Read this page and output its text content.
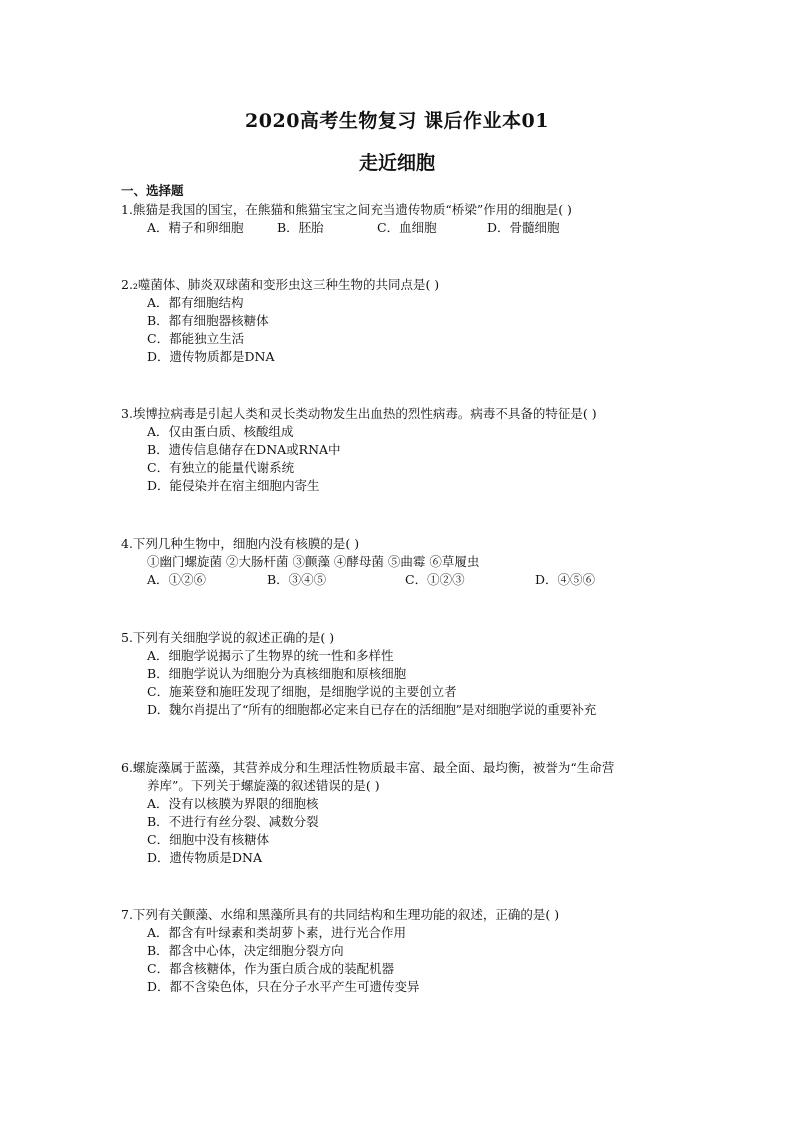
2020高考生物复习 课后作业本01
走近细胞
一、选择题
1.熊猫是我国的国宝，在熊猫和熊猫宝宝之间充当遗传物质“桥梁”作用的细胞是( )
A．精子和卵细胞	B．胚胎	C．血细胞	D．骨髓细胞
2.₂噬菌体、肺炎双球菌和变形虫这三种生物的共同点是( )
A．都有细胞结构
B．都有细胞器核糖体
C．都能独立生活
D．遗传物质都是DNA
3.埃博拉病毒是引起人类和灵长类动物发生出血热的烈性病毒。病毒不具备的特征是( )
A．仅由蛋白质、核酸组成
B．遗传信息储存在DNA或RNA中
C．有独立的能量代谢系统
D．能侵染并在宿主细胞内寄生
4.下列几种生物中，细胞内没有核膜的是( )
①幽门螺旋菌 ②大肠杆菌 ③颤藻 ④酵母菌 ⑤曲霉 ⑥草履虫
A．①②⑥	B．③④⑤	C．①②③	D．④⑤⑥
5.下列有关细胞学说的叙述正确的是( )
A．细胞学说揭示了生物界的统一性和多样性
B．细胞学说认为细胞分为真核细胞和原核细胞
C．施莱登和施旺发现了细胞，是细胞学说的主要创立者
D．魏尔肖提出了“所有的细胞都必定来自已存在的活细胞”是对细胞学说的重要补充
6.螺旋藻属于蓝藻，其营养成分和生理活性物质最丰富、最全面、最均衡，被誉为“生命营
养库”。下列关于螺旋藻的叙述错误的是( )
A．没有以核膜为界限的细胞核
B．不进行有丝分裂、减数分裂
C．细胞中没有核糖体
D．遗传物质是DNA
7.下列有关颤藻、水绵和黑藻所具有的共同结构和生理功能的叙述，正确的是( )
A．都含有叶绿素和类胡萝卜素，进行光合作用
B．都含中心体，决定细胞分裂方向
C．都含核糖体，作为蛋白质合成的装配机器
D．都不含染色体，只在分子水平产生可遗传变异
